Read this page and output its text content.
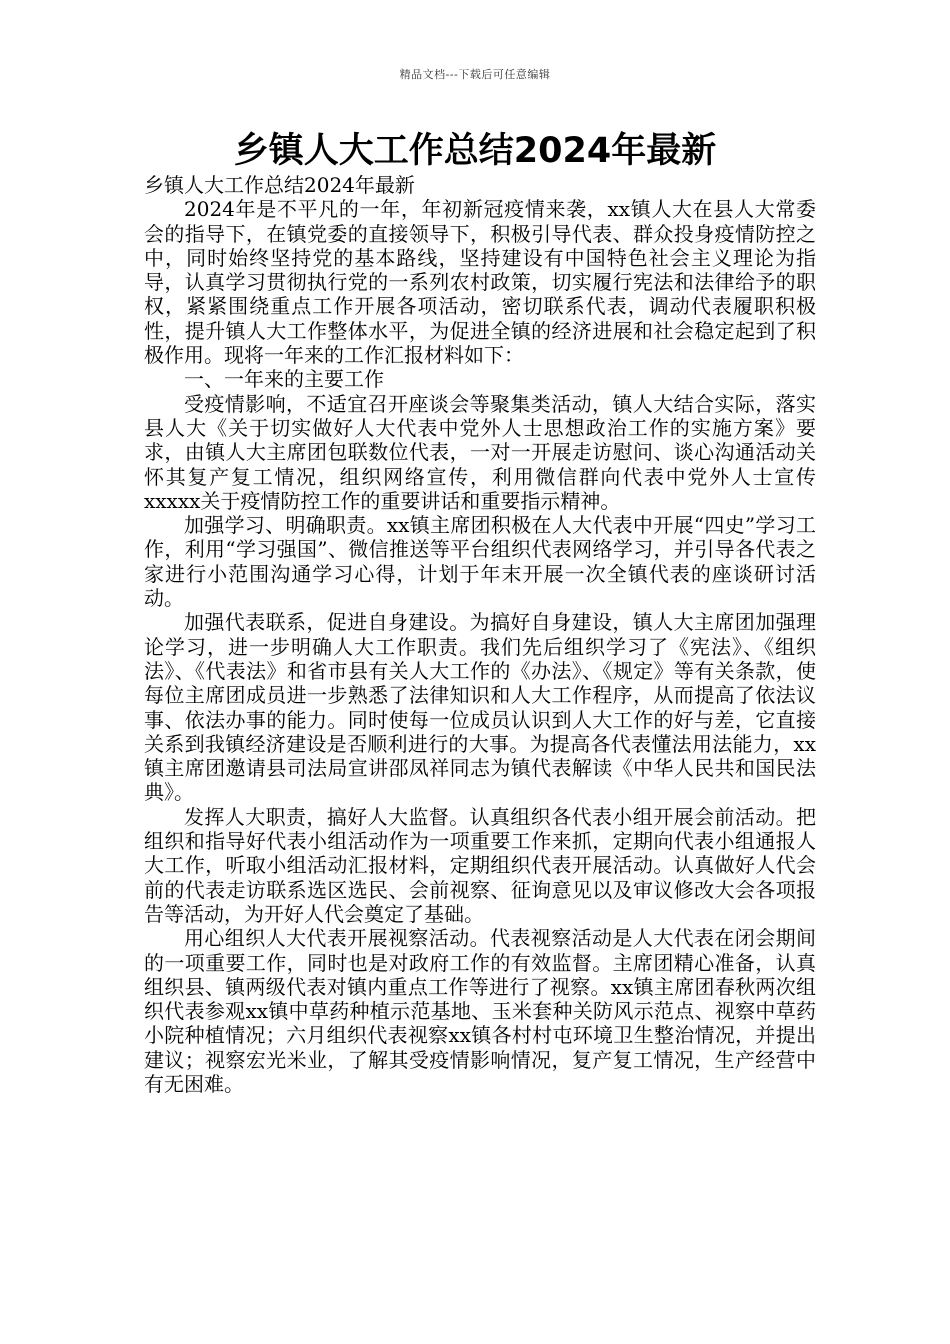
精品文档---下载后可任意编辑
乡镇人大工作总结2024年最新

乡镇人大工作总结2024年最新

2024年是不平凡的一年，年初新冠疫情来袭，xx镇人大在县人大常委会的指导下，在镇党委的直接领导下，积极引导代表、群众投身疫情防控之中，同时始终坚持党的基本路线，坚持建设有中国特色社会主义理论为指导，认真学习贯彻执行党的一系列农村政策，切实履行宪法和法律给予的职权，紧紧围绕重点工作开展各项活动，密切联系代表，调动代表履职积极性，提升镇人大工作整体水平，为促进全镇的经济进展和社会稳定起到了积极作用。现将一年来的工作汇报材料如下：

一、一年来的主要工作

受疫情影响，不适宜召开座谈会等聚集类活动，镇人大结合实际，落实县人大《关于切实做好人大代表中党外人士思想政治工作的实施方案》要求，由镇人大主席团包联数位代表，一对一开展走访慰问、谈心沟通活动关怀其复产复工情况，组织网络宣传，利用微信群向代表中党外人士宣传xxxxx关于疫情防控工作的重要讲话和重要指示精神。

加强学习、明确职责。xx镇主席团积极在人大代表中开展“四史”学习工作，利用“学习强国”、微信推送等平台组织代表网络学习，并引导各代表之家进行小范围沟通学习心得，计划于年末开展一次全镇代表的座谈研讨活动。

加强代表联系，促进自身建设。为搞好自身建设，镇人大主席团加强理论学习，进一步明确人大工作职责。我们先后组织学习了《宪法》、《组织法》、《代表法》和省市县有关人大工作的《办法》、《规定》等有关条款，使每位主席团成员进一步熟悉了法律知识和人大工作程序，从而提高了依法议事、依法办事的能力。同时使每一位成员认识到人大工作的好与差，它直接关系到我镇经济建设是否顺利进行的大事。为提高各代表懂法用法能力，xx镇主席团邀请县司法局宣讲邵凤祥同志为镇代表解读《中华人民共和国民法典》。

发挥人大职责，搞好人大监督。认真组织各代表小组开展会前活动。把组织和指导好代表小组活动作为一项重要工作来抓，定期向代表小组通报人大工作，听取小组活动汇报材料，定期组织代表开展活动。认真做好人代会前的代表走访联系选区选民、会前视察、征询意见以及审议修改大会各项报告等活动，为开好人代会奠定了基础。

用心组织人大代表开展视察活动。代表视察活动是人大代表在闭会期间的一项重要工作，同时也是对政府工作的有效监督。主席团精心准备，认真组织县、镇两级代表对镇内重点工作等进行了视察。xx镇主席团春秋两次组织代表参观xx镇中草药种植示范基地、玉米套种关防风示范点、视察中草药小院种植情况；六月组织代表视察xx镇各村村屯环境卫生整治情况，并提出建议；视察宏光米业，了解其受疫情影响情况，复产复工情况，生产经营中有无困难。
